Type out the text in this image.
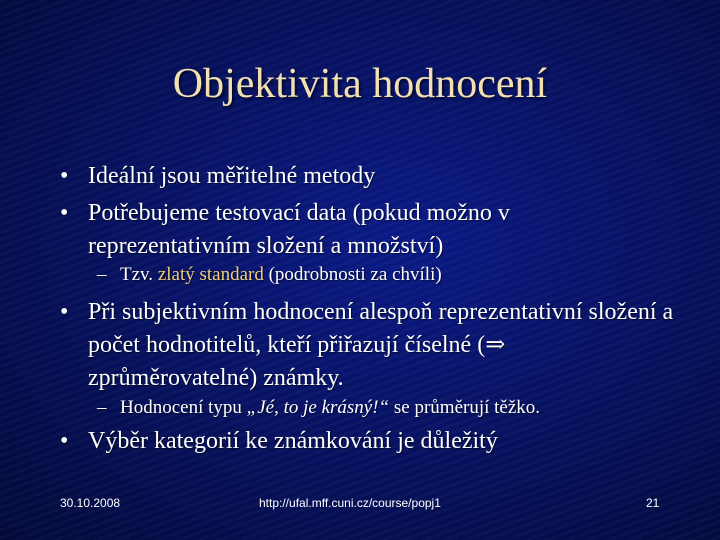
Objektivita hodnocení
• Ideální jsou měřitelné metody
• Potřebujeme testovací data (pokud možno v reprezentativním složení a množství)
– Tzv. zlatý standard (podrobnosti za chvíli)
• Při subjektivním hodnocení alespoň reprezentativní složení a počet hodnotitelů, kteří přiřazují číselné (⇒ zprůměrovatelné) známky.
– Hodnocení typu „Jé, to je krásný!“ se průměrují těžko.
• Výběr kategorií ke známkování je důležitý
30.10.2008	http://ufal.mff.cuni.cz/course/popj1	21
